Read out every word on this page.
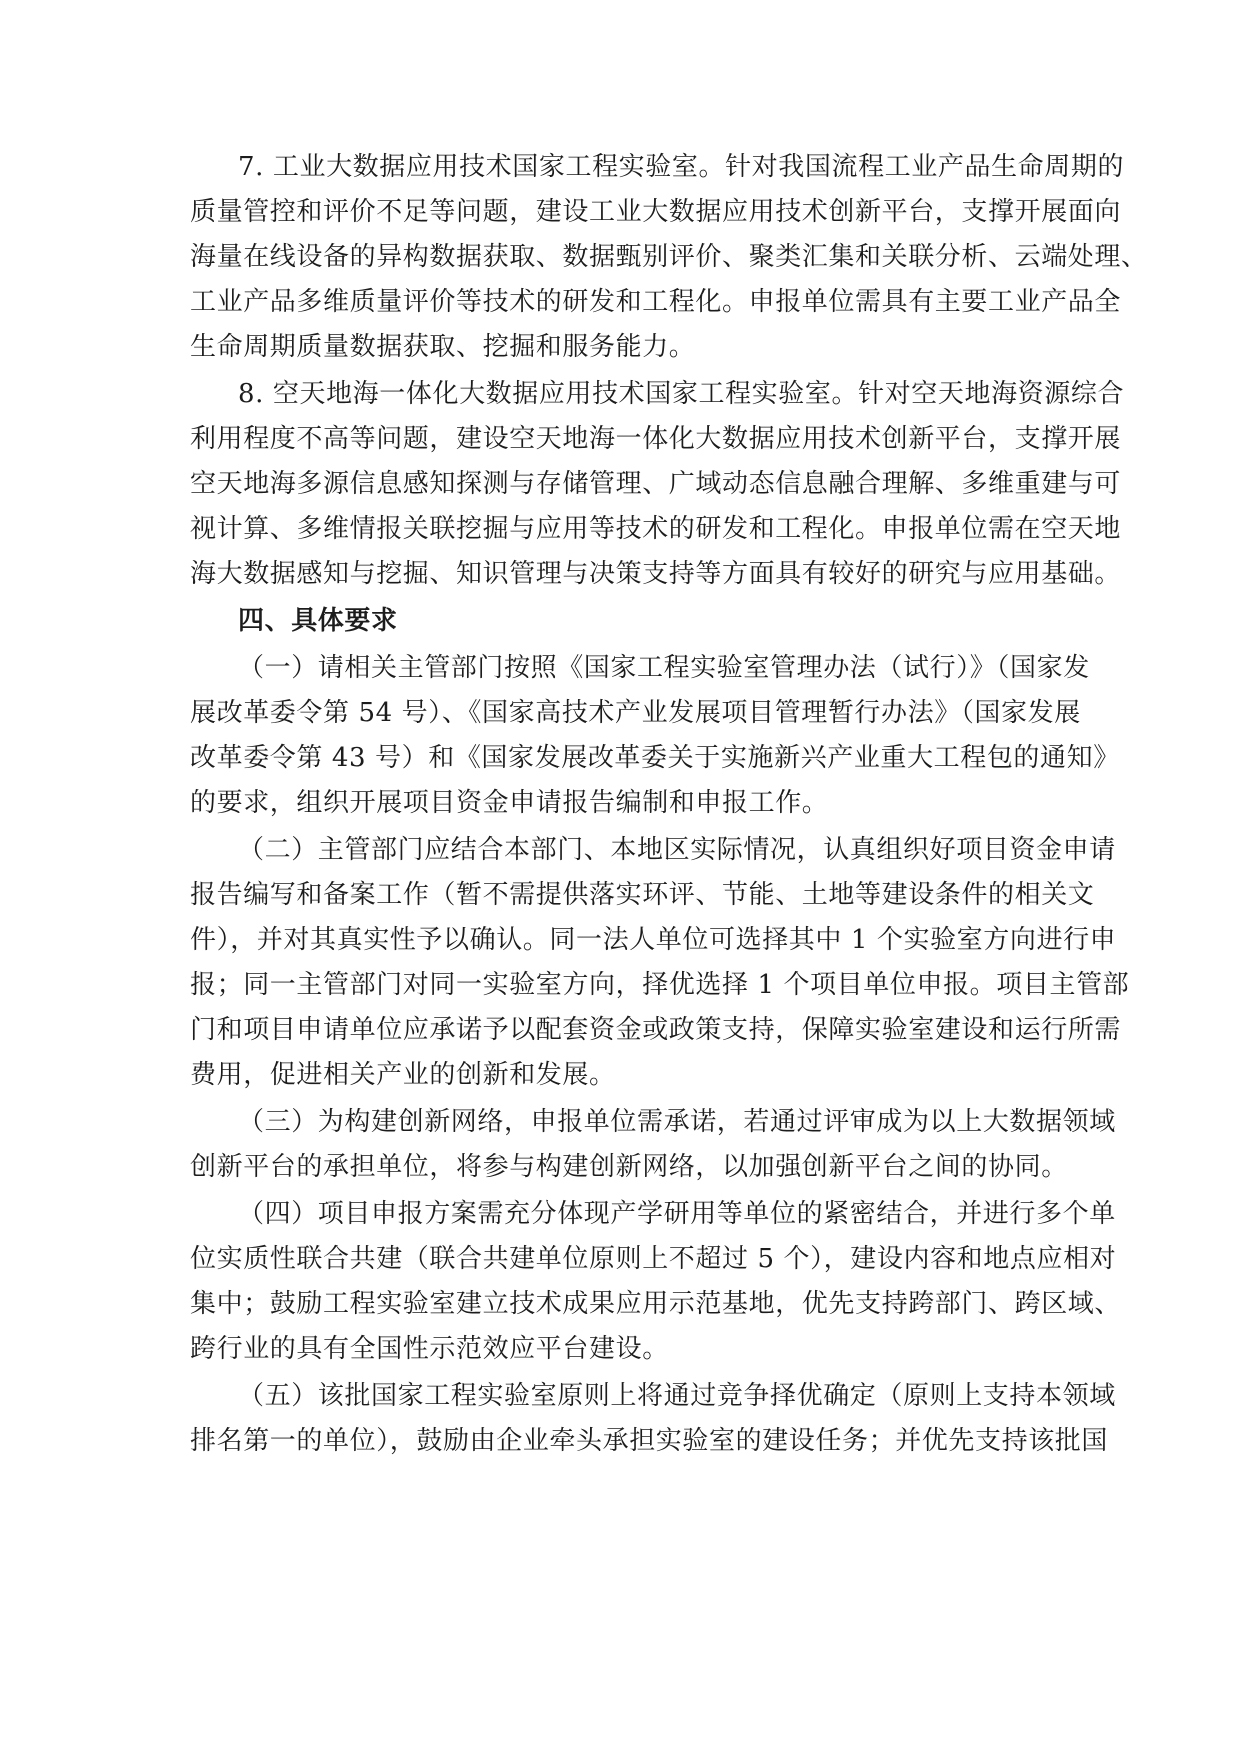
7. 工业大数据应用技术国家工程实验室。针对我国流程工业产品生命周期的
质量管控和评价不足等问题，建设工业大数据应用技术创新平台，支撑开展面向
海量在线设备的异构数据获取、数据甄别评价、聚类汇集和关联分析、云端处理、
工业产品多维质量评价等技术的研发和工程化。申报单位需具有主要工业产品全
生命周期质量数据获取、挖掘和服务能力。
8. 空天地海一体化大数据应用技术国家工程实验室。针对空天地海资源综合
利用程度不高等问题，建设空天地海一体化大数据应用技术创新平台，支撑开展
空天地海多源信息感知探测与存储管理、广域动态信息融合理解、多维重建与可
视计算、多维情报关联挖掘与应用等技术的研发和工程化。申报单位需在空天地
海大数据感知与挖掘、知识管理与决策支持等方面具有较好的研究与应用基础。
四、具体要求
（一）请相关主管部门按照《国家工程实验室管理办法（试行）》（国家发
展改革委令第 54 号）、《国家高技术产业发展项目管理暂行办法》（国家发展
改革委令第 43 号）和《国家发展改革委关于实施新兴产业重大工程包的通知》
的要求，组织开展项目资金申请报告编制和申报工作。
（二）主管部门应结合本部门、本地区实际情况，认真组织好项目资金申请
报告编写和备案工作（暂不需提供落实环评、节能、土地等建设条件的相关文
件），并对其真实性予以确认。同一法人单位可选择其中 1 个实验室方向进行申
报；同一主管部门对同一实验室方向，择优选择 1 个项目单位申报。项目主管部
门和项目申请单位应承诺予以配套资金或政策支持，保障实验室建设和运行所需
费用，促进相关产业的创新和发展。
（三）为构建创新网络，申报单位需承诺，若通过评审成为以上大数据领域
创新平台的承担单位，将参与构建创新网络，以加强创新平台之间的协同。
（四）项目申报方案需充分体现产学研用等单位的紧密结合，并进行多个单
位实质性联合共建（联合共建单位原则上不超过 5 个），建设内容和地点应相对
集中；鼓励工程实验室建立技术成果应用示范基地，优先支持跨部门、跨区域、
跨行业的具有全国性示范效应平台建设。
（五）该批国家工程实验室原则上将通过竞争择优确定（原则上支持本领域
排名第一的单位），鼓励由企业牵头承担实验室的建设任务；并优先支持该批国
